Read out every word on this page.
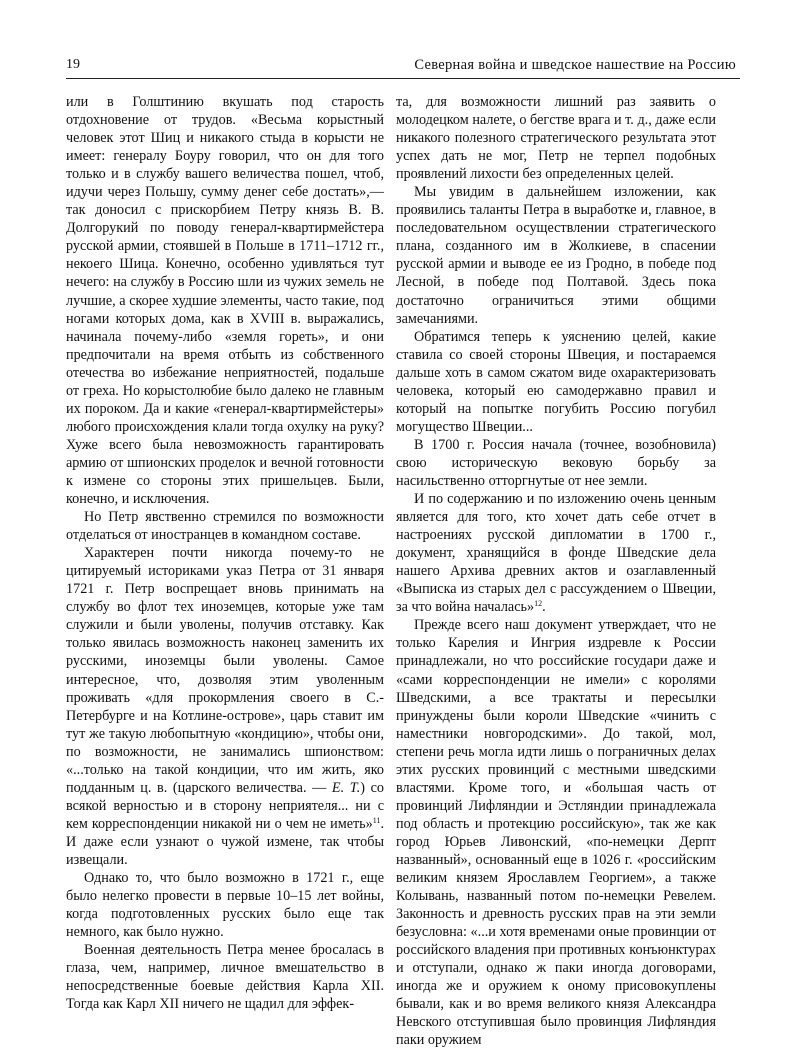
19	Северная война и шведское нашествие на Россию

или в Голштинию вкушать под старость отдохновение от трудов. «Весьма корыстный человек этот Шиц и никакого стыда в корысти не имеет: генералу Боуру говорил, что он для того только и в службу вашего величества пошел, чтоб, идучи через Польшу, сумму денег себе достать»,— так доносил с прискорбием Петру князь В. В. Долгорукий по поводу генерал-квартирмейстера русской армии, стоявшей в Польше в 1711–1712 гг., некоего Шица. Конечно, особенно удивляться тут нечего: на службу в Россию шли из чужих земель не лучшие, а скорее худшие элементы, часто такие, под ногами которых дома, как в XVIII в. выражались, начинала почему-либо «земля гореть», и они предпочитали на время отбыть из собственного отечества во избежание неприятностей, подальше от греха. Но корыстолюбие было далеко не главным их пороком. Да и какие «генерал-квартирмейстеры» любого происхождения клали тогда охулку на руку? Хуже всего была невозможность гарантировать армию от шпионских проделок и вечной готовности к измене со стороны этих пришельцев. Были, конечно, и исключения.

Но Петр явственно стремился по возможности отделаться от иностранцев в командном составе.

Характерен почти никогда почему-то не цитируемый историками указ Петра от 31 января 1721 г. Петр воспрещает вновь принимать на службу во флот тех иноземцев, которые уже там служили и были уволены, получив отставку. Как только явилась возможность наконец заменить их русскими, иноземцы были уволены. Самое интересное, что, дозволяя этим уволенным проживать «для прокормления своего в С.-Петербурге и на Котлине-острове», царь ставит им тут же такую любопытную «кондицию», чтобы они, по возможности, не занимались шпионством: «...только на такой кондиции, что им жить, яко подданным ц. в. (царского величества. — Е. Т.) со всякой верностью и в сторону неприятеля... ни с кем корреспонденции никакой ни о чем не иметь»$^{11}$. И даже если узнают о чужой измене, так чтобы извещали.

Однако то, что было возможно в 1721 г., еще было нелегко провести в первые 10–15 лет войны, когда подготовленных русских было еще так немного, как было нужно.

Военная деятельность Петра менее бросалась в глаза, чем, например, личное вмешательство в непосредственные боевые действия Карла XII. Тогда как Карл XII ничего не щадил для эффек-

та, для возможности лишний раз заявить о молодецком налете, о бегстве врага и т. д., даже если никакого полезного стратегического результата этот успех дать не мог, Петр не терпел подобных проявлений лихости без определенных целей.

Мы увидим в дальнейшем изложении, как проявились таланты Петра в выработке и, главное, в последовательном осуществлении стратегического плана, созданного им в Жолкиеве, в спасении русской армии и выводе ее из Гродно, в победе под Лесной, в победе под Полтавой. Здесь пока достаточно ограничиться этими общими замечаниями.

Обратимся теперь к уяснению целей, какие ставила со своей стороны Швеция, и постараемся дальше хоть в самом сжатом виде охарактеризовать человека, который ею самодержавно правил и который на попытке погубить Россию погубил могущество Швеции...

В 1700 г. Россия начала (точнее, возобновила) свою историческую вековую борьбу за насильственно отторгнутые от нее земли.

И по содержанию и по изложению очень ценным является для того, кто хочет дать себе отчет в настроениях русской дипломатии в 1700 г., документ, хранящийся в фонде Шведские дела нашего Архива древних актов и озаглавленный «Выписка из старых дел с рассуждением о Швеции, за что война началась»$^{12}$.

Прежде всего наш документ утверждает, что не только Карелия и Ингрия издревле к России принадлежали, но что российские государи даже и «сами корреспонденции не имели» с королями Шведскими, а все трактаты и пересылки принуждены были короли Шведские «чинить с наместники новгородскими». До такой, мол, степени речь могла идти лишь о пограничных делах этих русских провинций с местными шведскими властями. Кроме того, и «большая часть от провинций Лифляндии и Эстляндии принадлежала под область и протекцию российскую», так же как город Юрьев Ливонский, «по-немецки Дерпт названный», основанный еще в 1026 г. «российским великим князем Ярославлем Георгием», а также Колывань, названный потом по-немецки Ревелем. Законность и древность русских прав на эти земли безусловна: «...и хотя временами оные провинции от российского владения при противных конъюнктурах и отступали, однако ж паки иногда договорами, иногда же и оружием к оному присовокуплены бывали, как и во время великого князя Александра Невского отступившая было провинция Лифляндия паки оружием
